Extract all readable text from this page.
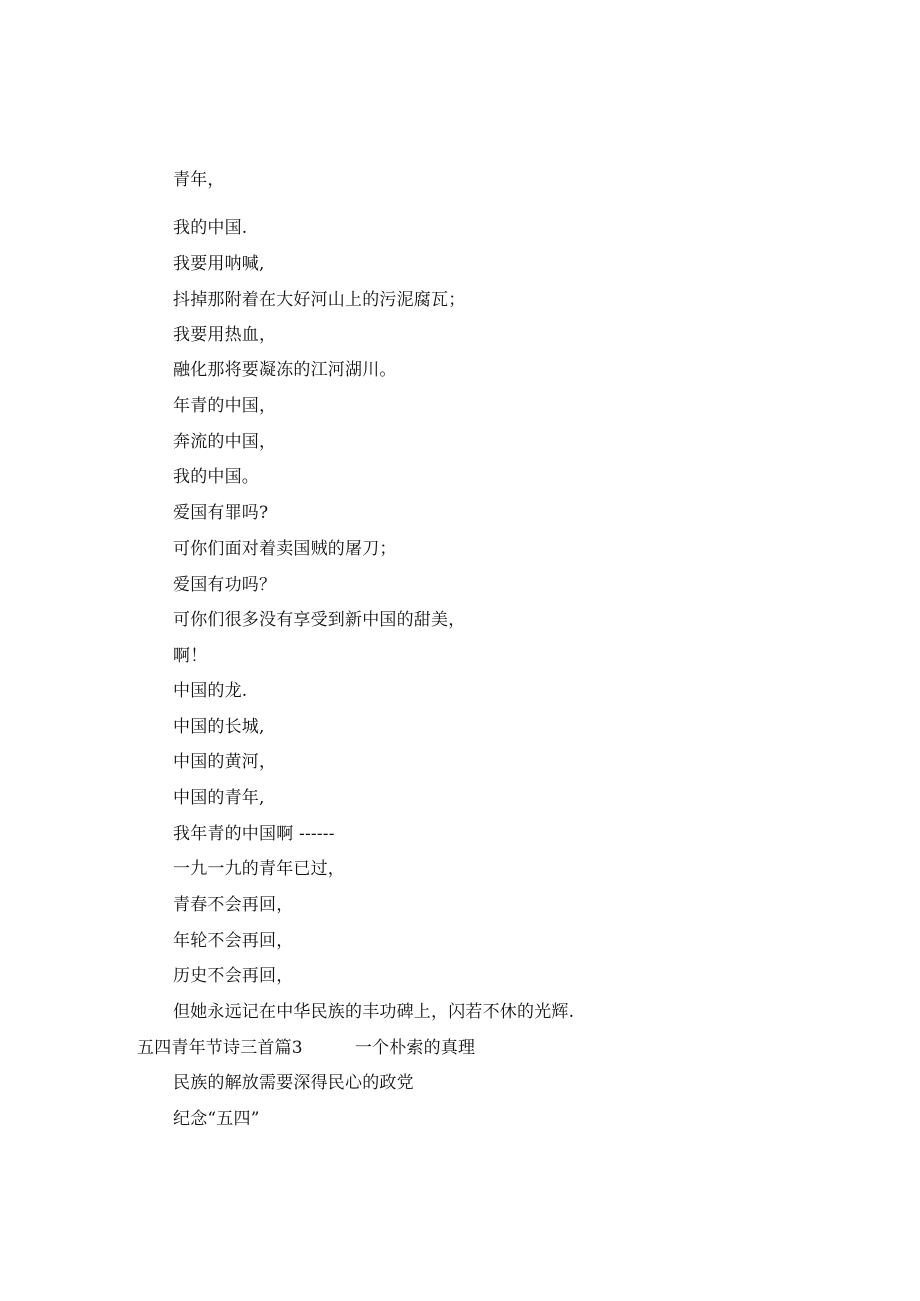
青年，
我的中国.
我要用呐喊,
抖掉那附着在大好河山上的污泥腐瓦；
我要用热血，
融化那将要凝冻的江河湖川。
年青的中国，
奔流的中国，
我的中国。
爱国有罪吗?
可你们面对着卖国贼的屠刀；
爱国有功吗？
可你们很多没有享受到新中国的甜美，
啊！
中国的龙.
中国的长城,
中国的黄河，
中国的青年,
我年青的中国啊 ------
一九一九的青年已过，
青春不会再回，
年轮不会再回，
历史不会再回，
但她永远记在中华民族的丰功碑上，闪若不休的光辉.
五四青年节诗三首篇3	一个朴索的真理
民族的解放需要深得民心的政党
纪念“五四”
